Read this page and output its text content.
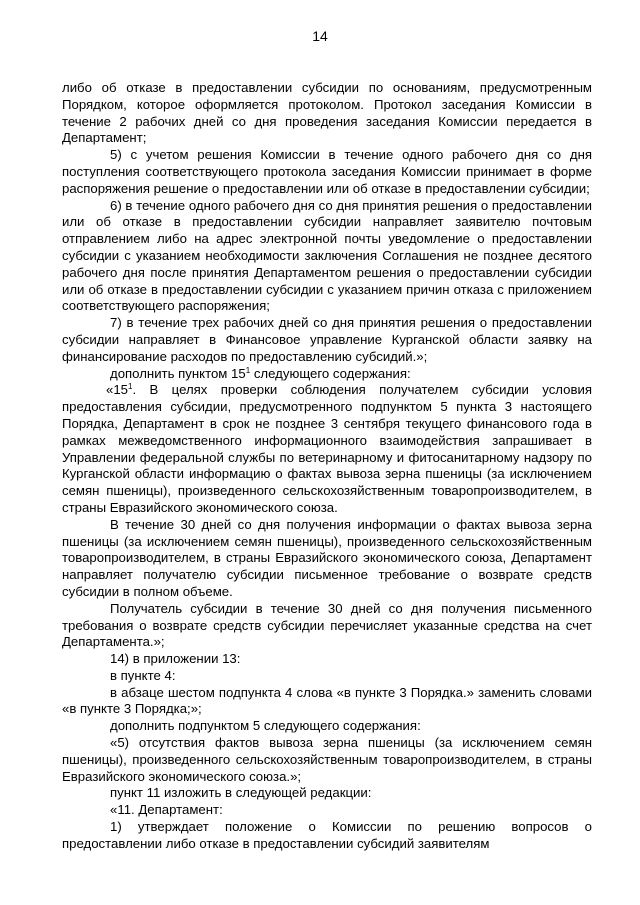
14

либо об отказе в предоставлении субсидии по основаниям, предусмотренным Порядком, которое оформляется протоколом. Протокол заседания Комиссии в течение 2 рабочих дней со дня проведения заседания Комиссии передается в Департамент;

5) с учетом решения Комиссии в течение одного рабочего дня со дня поступления соответствующего протокола заседания Комиссии принимает в форме распоряжения решение о предоставлении или об отказе в предоставлении субсидии;

6) в течение одного рабочего дня со дня принятия решения о предоставлении или об отказе в предоставлении субсидии направляет заявителю почтовым отправлением либо на адрес электронной почты уведомление о предоставлении субсидии с указанием необходимости заключения Соглашения не позднее десятого рабочего дня после принятия Департаментом решения о предоставлении субсидии или об отказе в предоставлении субсидии с указанием причин отказа с приложением соответствующего распоряжения;

7) в течение трех рабочих дней со дня принятия решения о предоставлении субсидии направляет в Финансовое управление Курганской области заявку на финансирование расходов по предоставлению субсидий.»;

дополнить пунктом $15^1$ следующего содержания:

«$15^1$. В целях проверки соблюдения получателем субсидии условия предоставления субсидии, предусмотренного подпунктом 5 пункта 3 настоящего Порядка, Департамент в срок не позднее 3 сентября текущего финансового года в рамках межведомственного информационного взаимодействия запрашивает в Управлении федеральной службы по ветеринарному и фитосанитарному надзору по Курганской области информацию о фактах вывоза зерна пшеницы (за исключением семян пшеницы), произведенного сельскохозяйственным товаропроизводителем, в страны Евразийского экономического союза.

В течение 30 дней со дня получения информации о фактах вывоза зерна пшеницы (за исключением семян пшеницы), произведенного сельскохозяйственным товаропроизводителем, в страны Евразийского экономического союза, Департамент направляет получателю субсидии письменное требование о возврате средств субсидии в полном объеме.

Получатель субсидии в течение 30 дней со дня получения письменного требования о возврате средств субсидии перечисляет указанные средства на счет Департамента.»;

14) в приложении 13:

в пункте 4:

в абзаце шестом подпункта 4 слова «в пункте 3 Порядка.» заменить словами «в пункте 3 Порядка;»;

дополнить подпунктом 5 следующего содержания:

«5) отсутствия фактов вывоза зерна пшеницы (за исключением семян пшеницы), произведенного сельскохозяйственным товаропроизводителем, в страны Евразийского экономического союза.»;

пункт 11 изложить в следующей редакции:

«11. Департамент:

1) утверждает положение о Комиссии по решению вопросов о предоставлении либо отказе в предоставлении субсидий заявителям
